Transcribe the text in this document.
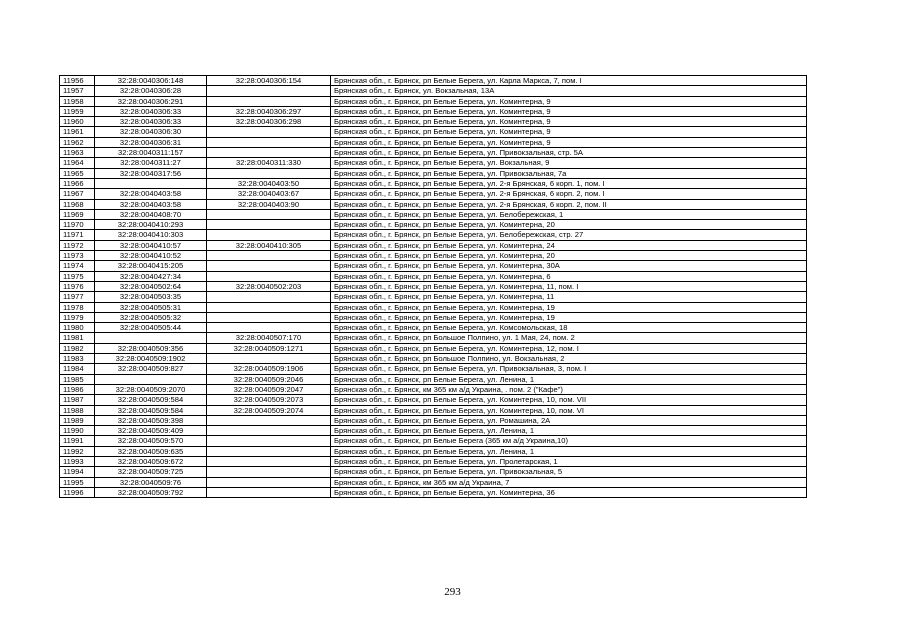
11956	32:28:0040306:148	32:28:0040306:154	Брянская обл., г. Брянск, рп Белые Берега, ул. Карла Маркса, 7, пом. I
11957	32:28:0040306:28		Брянская обл., г. Брянск, ул. Вокзальная, 13А
11958	32:28:0040306:291		Брянская обл., г. Брянск, рп Белые Берега, ул. Коминтерна, 9
11959	32:28:0040306:33	32:28:0040306:297	Брянская обл., г. Брянск, рп Белые Берега, ул. Коминтерна, 9
11960	32:28:0040306:33	32:28:0040306:298	Брянская обл., г. Брянск, рп Белые Берега, ул. Коминтерна, 9
11961	32:28:0040306:30		Брянская обл., г. Брянск, рп Белые Берега, ул. Коминтерна, 9
11962	32:28:0040306:31		Брянская обл., г. Брянск, рп Белые Берега, ул. Коминтерна, 9
11963	32:28:0040311:157		Брянская обл., г. Брянск, рп Белые Берега, ул. Привокзальная, стр. 5А
11964	32:28:0040311:27	32:28:0040311:330	Брянская обл., г. Брянск, рп Белые Берега, ул. Вокзальная, 9
11965	32:28:0040317:56		Брянская обл., г. Брянск, рп Белые Берега, ул. Привокзальная, 7а
11966		32:28:0040403:50	Брянская обл., г. Брянск, рп Белые Берега, ул. 2-я Брянская, 6 корп. 1, пом. I
11967	32:28:0040403:58	32:28:0040403:67	Брянская обл., г. Брянск, рп Белые Берега, ул. 2-я Брянская, 6 корп. 2, пом. I
11968	32:28:0040403:58	32:28:0040403:90	Брянская обл., г. Брянск, рп Белые Берега, ул. 2-я Брянская, 6 корп. 2, пом. II
11969	32:28:0040408:70		Брянская обл., г. Брянск, рп Белые Берега, ул. Белобережская, 1
11970	32:28:0040410:293		Брянская обл., г. Брянск, рп Белые Берега, ул. Коминтерна, 20
11971	32:28:0040410:303		Брянская обл., г. Брянск, рп Белые Берега, ул. Белобережская, стр. 27
11972	32:28:0040410:57	32:28:0040410:305	Брянская обл., г. Брянск, рп Белые Берега, ул. Коминтерна, 24
11973	32:28:0040410:52		Брянская обл., г. Брянск, рп Белые Берега, ул. Коминтерна, 20
11974	32:28:0040415:205		Брянская обл., г. Брянск, рп Белые Берега, ул. Коминтерна, 30А
11975	32:28:0040427:34		Брянская обл., г. Брянск, рп Белые Берега, ул. Коминтерна, 6
11976	32:28:0040502:64	32:28:0040502:203	Брянская обл., г. Брянск, рп Белые Берега, ул. Коминтерна, 11, пом. I
11977	32:28:0040503:35		Брянская обл., г. Брянск, рп Белые Берега, ул. Коминтерна, 11
11978	32:28:0040505:31		Брянская обл., г. Брянск, рп Белые Берега, ул. Коминтерна, 19
11979	32:28:0040505:32		Брянская обл., г. Брянск, рп Белые Берега, ул. Коминтерна, 19
11980	32:28:0040505:44		Брянская обл., г. Брянск, рп Белые Берега, ул. Комсомольская, 18
11981		32:28:0040507:170	Брянская обл., г. Брянск, рп Большое Полпино, ул. 1 Мая, 24, пом. 2
11982	32:28:0040509:356	32:28:0040509:1271	Брянская обл., г. Брянск, рп Белые Берега, ул. Коминтерна, 12, пом. I
11983	32:28:0040509:1902		Брянская обл., г. Брянск, рп Большое Полпино, ул. Вокзальная, 2
11984	32:28:0040509:827	32:28:0040509:1906	Брянская обл., г. Брянск, рп Белые Берега, ул. Привокзальная, 3, пом. I
11985		32:28:0040509:2046	Брянская обл., г. Брянск, рп Белые Берега, ул. Ленина, 1
11986	32:28:0040509:2070	32:28:0040509:2047	Брянская обл., г. Брянск, км 365 км а/д Украина, . пом. 2 ("Кафе")
11987	32:28:0040509:584	32:28:0040509:2073	Брянская обл., г. Брянск, рп Белые Берега, ул. Коминтерна, 10, пом. VII
11988	32:28:0040509:584	32:28:0040509:2074	Брянская обл., г. Брянск, рп Белые Берега, ул. Коминтерна, 10, пом. VI
11989	32:28:0040509:398		Брянская обл., г. Брянск, рп Белые Берега, ул. Ромашина, 2А
11990	32:28:0040509:409		Брянская обл., г. Брянск, рп Белые Берега, ул. Ленина, 1
11991	32:28:0040509:570		Брянская обл., г. Брянск, рп Белые Берега (365 км а/д Украина,10)
11992	32:28:0040509:635		Брянская обл., г. Брянск, рп Белые Берега, ул. Ленина, 1
11993	32:28:0040509:672		Брянская обл., г. Брянск, рп Белые Берега, ул. Пролетарская, 1
11994	32:28:0040509:725		Брянская обл., г. Брянск, рп Белые Берега, ул. Привокзальная, 5
11995	32:28:0040509:76		Брянская обл., г. Брянск, км 365 км а/д Украина, 7
11996	32:28:0040509:792		Брянская обл., г. Брянск, рп Белые Берега, ул. Коминтерна, 36
293
